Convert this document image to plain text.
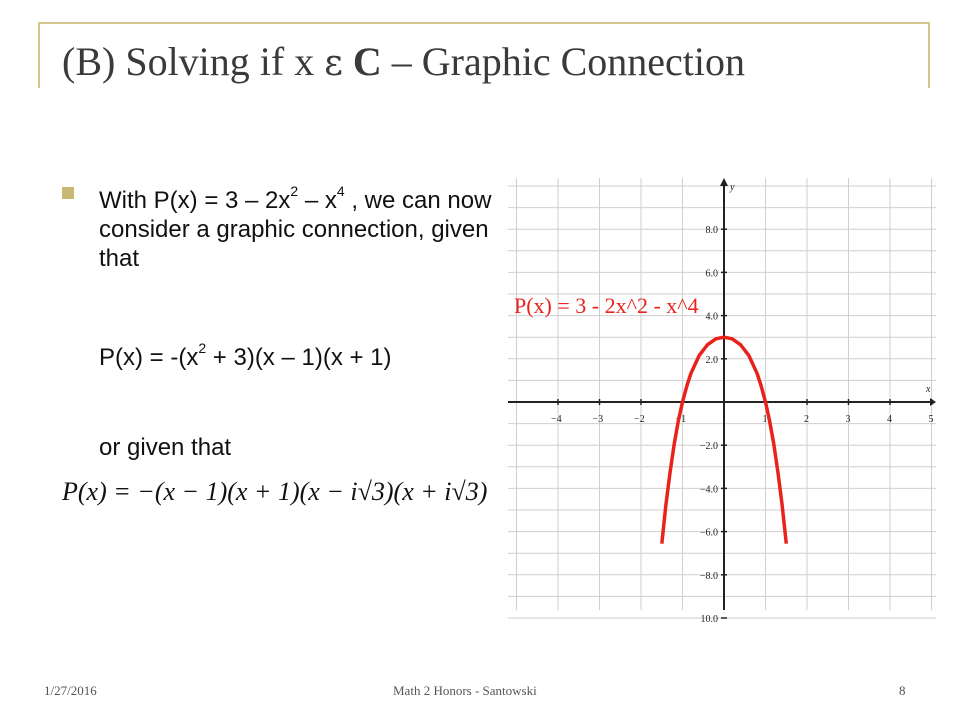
(B) Solving if x ε C – Graphic Connection
With $P(x) = 3 - 2x^2 - x^4$ , we can now consider a graphic connection, given that
$P(x) = -(x^2 + 3)(x - 1)(x + 1)$
or given that
P(x) = −(x − 1)(x + 1)(x − i√3)(x + i√3)
x
y
−4	−3	−2	−1	1	2	3	4	5
8.0
6.0
4.0
2.0
−2.0
−4.0
−6.0
−8.0
10.0
P(x) = 3 - 2x^2 - x^4
1/27/2016	Math 2 Honors - Santowski	8
